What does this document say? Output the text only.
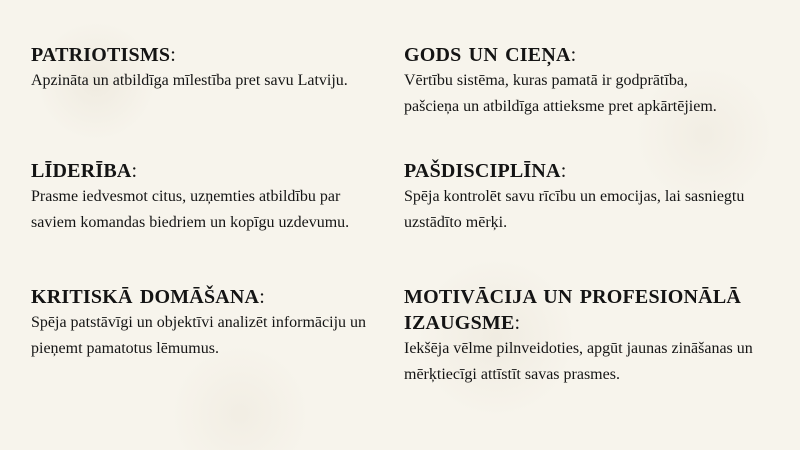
PATRIOTISMS:
Apzināta un atbildīga mīlestība pret savu Latviju.
GODS UN CIEŅA:
Vērtību sistēma, kuras pamatā ir godprātība, pašcieņa un atbildīga attieksme pret apkārtējiem.
LĪDERĪBA:
Prasme iedvesmot citus, uzņemties atbildību par saviem komandas biedriem un kopīgu uzdevumu.
PAŠDISCIPLĪNA:
Spēja kontrolēt savu rīcību un emocijas, lai sasniegtu uzstādīto mērķi.
KRITISKĀ DOMĀŠANA:
Spēja patstāvīgi un objektīvi analizēt informāciju un pieņemt pamatotus lēmumus.
MOTIVĀCIJA UN PROFESIONĀLĀ IZAUGSME:
Iekšēja vēlme pilnveidoties, apgūt jaunas zināšanas un mērķtiecīgi attīstīt savas prasmes.
